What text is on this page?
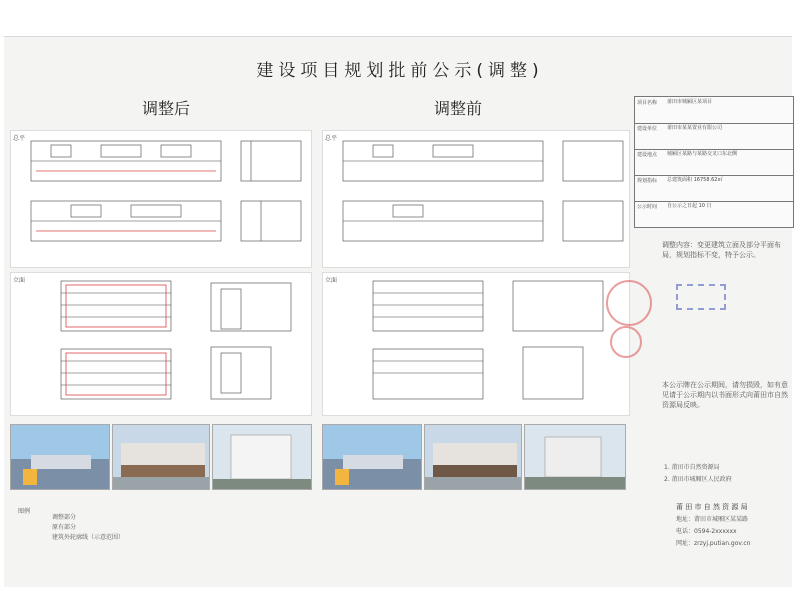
建设项目规划批前公示(调整)
调整后	调整前
总平
立面
总平
立面
项目名称	莆田市城厢区某项目
建设单位	莆田市某某置业有限公司
建设地点	城厢区某路与某路交叉口东北侧
规划指标	总建筑面积 16758.62㎡
公示时间	自公示之日起 10 日
调整内容：变更建筑立面及部分平面布局，规划指标不变，特予公示。
本公示牌在公示期间，请勿损毁，如有意见请于公示期内以书面形式向莆田市自然资源局反映。
1. 莆田市自然资源局
2. 莆田市城厢区人民政府
莆 田 市 自 然 资 源 局
地址：莆田市城厢区某某路
电话：0594-2xxxxxx
网址：zrzyj.putian.gov.cn
图例
调整部分
原有部分
建筑外轮廓线（示意范围）
